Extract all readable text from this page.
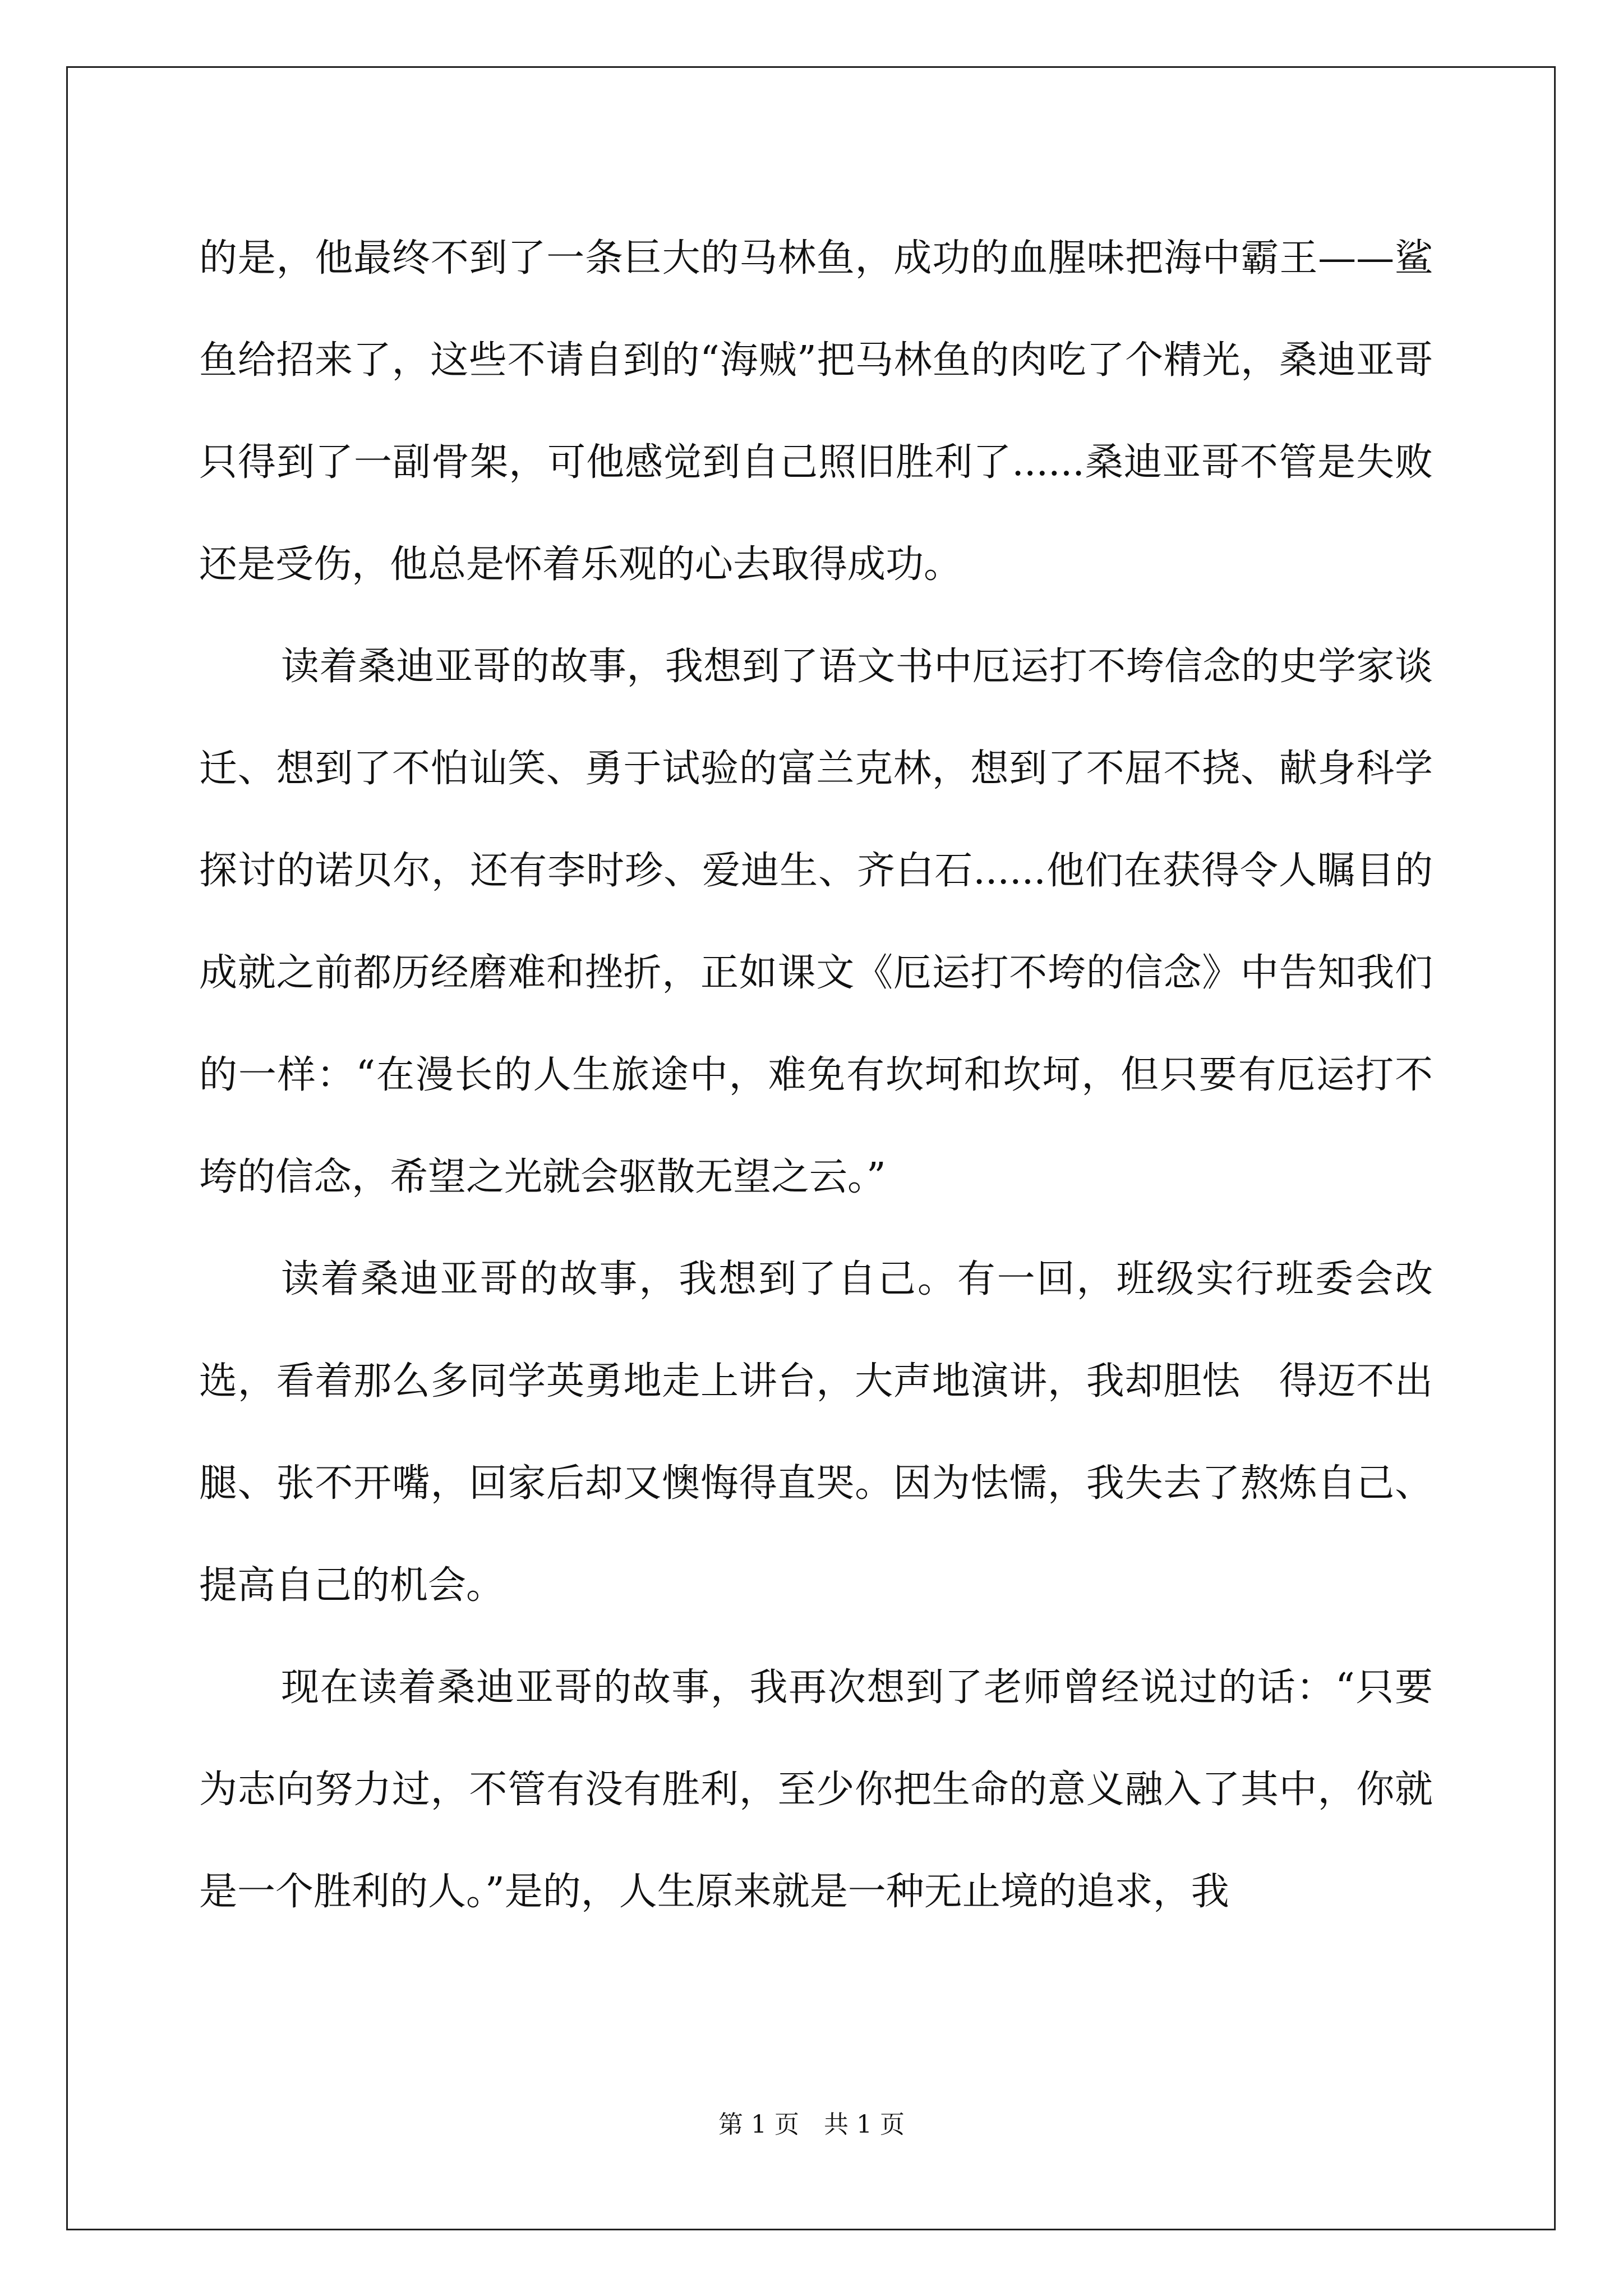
的是，他最终不到了一条巨大的马林鱼，成功的血腥味把海中霸王——鲨鱼给招来了，这些不请自到的“海贼”把马林鱼的肉吃了个精光，桑迪亚哥只得到了一副骨架，可他感觉到自己照旧胜利了......桑迪亚哥不管是失败还是受伤，他总是怀着乐观的心去取得成功。

读着桑迪亚哥的故事，我想到了语文书中厄运打不垮信念的史学家谈迁、想到了不怕讪笑、勇于试验的富兰克林，想到了不屈不挠、献身科学探讨的诺贝尔，还有李时珍、爱迪生、齐白石......他们在获得令人瞩目的成就之前都历经磨难和挫折，正如课文《厄运打不垮的信念》中告知我们的一样：“在漫长的人生旅途中，难免有坎坷和坎坷，但只要有厄运打不垮的信念，希望之光就会驱散无望之云。”

读着桑迪亚哥的故事，我想到了自己。有一回，班级实行班委会改选，看着那么多同学英勇地走上讲台，大声地演讲，我却胆怯　得迈不出腿、张不开嘴，回家后却又懊悔得直哭。因为怯懦，我失去了熬炼自己、提高自己的机会。

现在读着桑迪亚哥的故事，我再次想到了老师曾经说过的话：“只要为志向努力过，不管有没有胜利，至少你把生命的意义融入了其中，你就是一个胜利的人。”是的，人生原来就是一种无止境的追求，我

第 1 页　共 1 页
